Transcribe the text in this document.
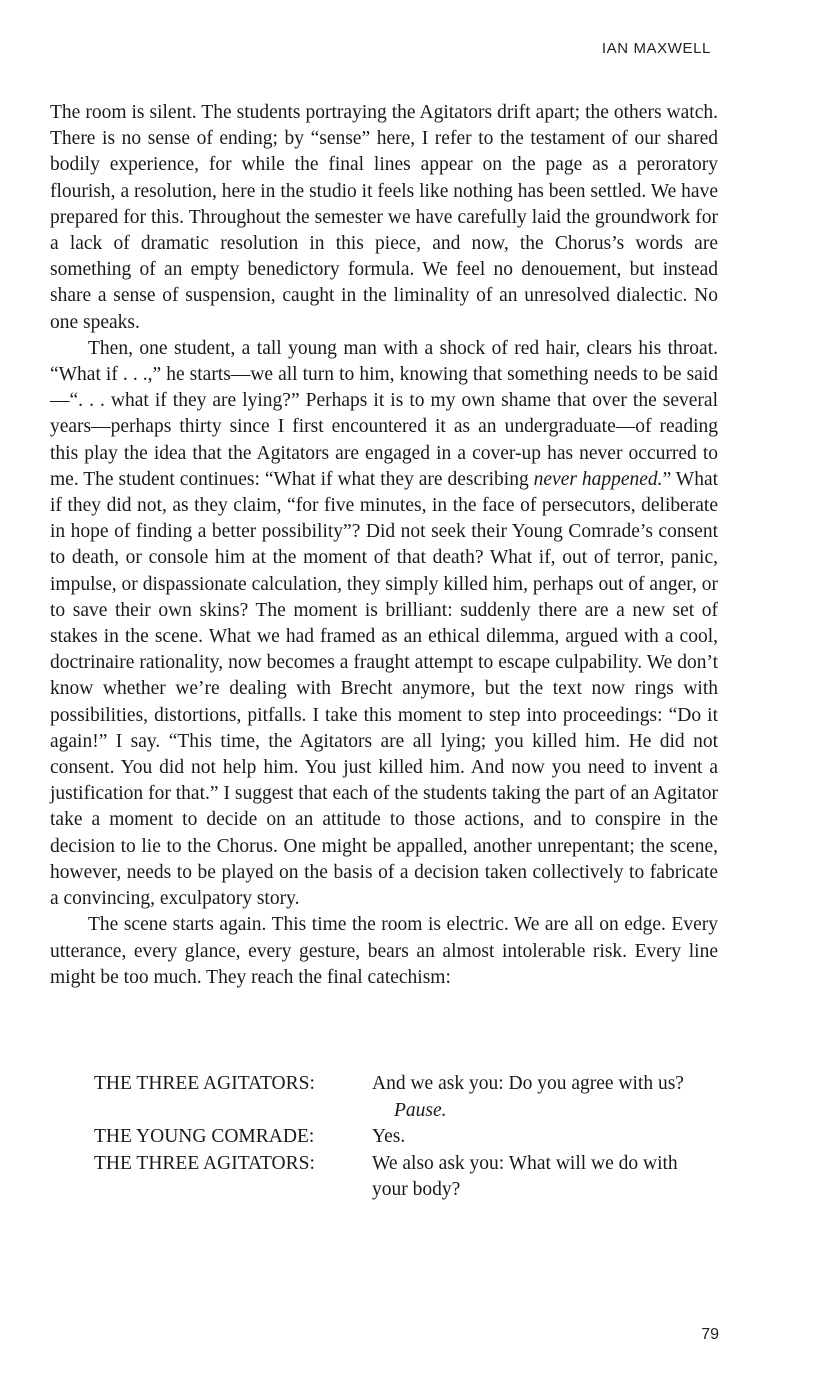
IAN MAXWELL

The room is silent. The students portraying the Agitators drift apart; the others watch. There is no sense of ending; by “sense” here, I refer to the testament of our shared bodily experience, for while the final lines appear on the page as a peroratory flourish, a resolution, here in the studio it feels like nothing has been settled. We have prepared for this. Throughout the semester we have carefully laid the groundwork for a lack of dramatic resolution in this piece, and now, the Chorus’s words are something of an empty benedictory formula. We feel no denouement, but instead share a sense of suspension, caught in the liminality of an unresolved dialectic. No one speaks.

Then, one student, a tall young man with a shock of red hair, clears his throat. “What if . . .,” he starts—we all turn to him, knowing that something needs to be said—“. . . what if they are lying?” Perhaps it is to my own shame that over the several years—perhaps thirty since I first encountered it as an undergraduate—of reading this play the idea that the Agitators are engaged in a cover-up has never occurred to me. The student continues: “What if what they are describing never happened.” What if they did not, as they claim, “for five minutes, in the face of persecutors, deliberate in hope of finding a better possibility”? Did not seek their Young Comrade’s consent to death, or console him at the moment of that death? What if, out of terror, panic, impulse, or dispassionate calculation, they simply killed him, perhaps out of anger, or to save their own skins? The moment is brilliant: suddenly there are a new set of stakes in the scene. What we had framed as an ethical dilemma, argued with a cool, doctrinaire rationality, now becomes a fraught attempt to escape culpability. We don’t know whether we’re dealing with Brecht anymore, but the text now rings with possibilities, distortions, pitfalls. I take this moment to step into proceedings: “Do it again!” I say. “This time, the Agitators are all lying; you killed him. He did not consent. You did not help him. You just killed him. And now you need to invent a justification for that.” I suggest that each of the students taking the part of an Agitator take a moment to decide on an attitude to those actions, and to conspire in the decision to lie to the Chorus. One might be appalled, another unrepentant; the scene, however, needs to be played on the basis of a decision taken collectively to fabricate a convincing, exculpatory story.

The scene starts again. This time the room is electric. We are all on edge. Every utterance, every glance, every gesture, bears an almost intolerable risk. Every line might be too much. They reach the final catechism:

THE THREE AGITATORS:	And we ask you: Do you agree with us?
Pause.
THE YOUNG COMRADE:	Yes.
THE THREE AGITATORS:	We also ask you: What will we do with your body?
79
